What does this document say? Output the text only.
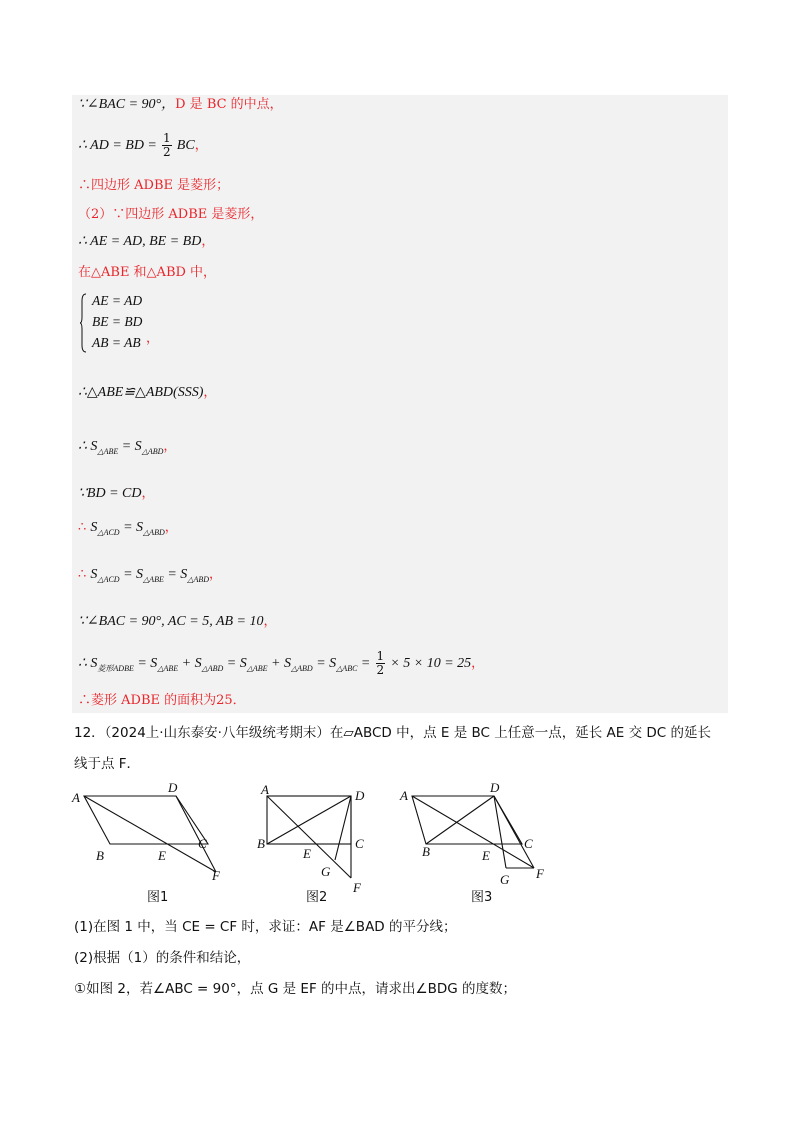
∵∠BAC = 90°，D 是 BC 的中点，
∴ AD = BD = $\frac{1}{2}$ BC，
∴四边形 ADBE 是菱形；
（2）∵四边形 ADBE 是菱形，
∴ AE = AD, BE = BD，
在△ABE 和△ABD 中，
AE = AD
BE = BD
AB = AB ，
∴△ABE≌△ABD(SSS)，
∴ $S_{\triangle ABE} = S_{\triangle ABD}$，
∵BD = CD，
∴ $S_{\triangle ACD} = S_{\triangle ABD}$，
∴ $S_{\triangle ACD} = S_{\triangle ABE} = S_{\triangle ABD}$，
∵∠BAC = 90°, AC = 5, AB = 10，
∴ $S_{菱形ADBE} = S_{\triangle ABE} + S_{\triangle ABD} = S_{\triangle ABE} + S_{\triangle ABD} = S_{\triangle ABC} = \frac{1}{2} \times 5 \times 10 = 25$，
∴菱形 ADBE 的面积为25．
12．（2024上·山东泰安·八年级统考期末）在▱ABCD 中，点 E 是 BC 上任意一点，延长 AE 交 DC 的延长
线于点 F．
A
D
B
C
E
F
图1
A	D
B	C
E
G
F
图2
A
D
B
C
E
G F
图3
(1)在图 1 中，当 CE = CF 时，求证：AF 是∠BAD 的平分线；
(2)根据（1）的条件和结论，
①如图 2，若∠ABC = 90°，点 G 是 EF 的中点，请求出∠BDG 的度数；
